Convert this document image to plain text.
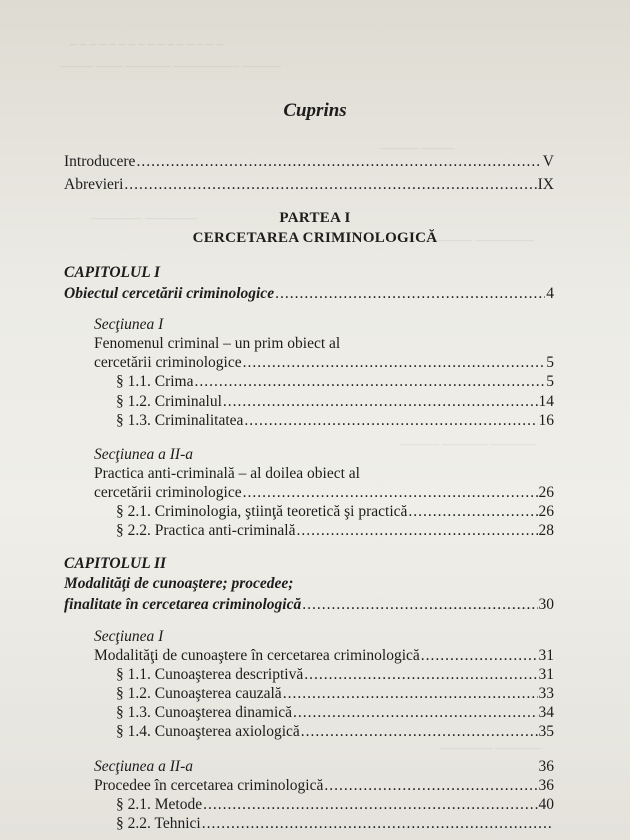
‒ ‒ ‒ ‒ ‒ ‒ ‒ ‒ ‒ ‒ ‒ ‒ ‒ ‒ ‒ ‒
‒‒‒‒‒ ‒‒‒‒ ‒‒‒‒‒‒‒ ‒‒‒‒‒‒‒‒‒‒ ‒‒‒‒‒‒
‒‒‒‒‒‒ ‒‒‒‒‒
‒‒‒‒‒‒‒‒ ‒‒‒‒‒‒‒‒
‒‒‒‒‒‒‒‒ ‒‒‒‒‒‒‒‒‒
‒‒‒‒‒‒ ‒‒‒‒‒‒‒ ‒‒‒‒‒‒‒
‒‒‒‒‒‒‒‒‒‒‒ ‒‒‒‒
‒‒‒‒‒‒‒‒ ‒‒‒‒‒‒‒
Cuprins
Introducere .....	V
Abrevieri .....	IX
PARTEA I
CERCETAREA CRIMINOLOGICĂ
CAPITOLUL I
Obiectul cercetării criminologice .....	4
Secţiunea I
Fenomenul criminal – un prim obiect al
cercetării criminologice .....	5
§ 1.1. Crima .....	5
§ 1.2. Criminalul .....	14
§ 1.3. Criminalitatea .....	16
Secţiunea a II-a
Practica anti-criminală – al doilea obiect al
cercetării criminologice .....	26
§ 2.1. Criminologia, ştiinţă teoretică şi practică .....	26
§ 2.2. Practica anti-criminală .....	28
CAPITOLUL II
Modalităţi de cunoaştere; procedee;
finalitate în cercetarea criminologică .....	30
Secţiunea I
Modalităţi de cunoaştere în cercetarea criminologică .....	31
§ 1.1. Cunoaşterea descriptivă .....	31
§ 1.2. Cunoaşterea cauzală .....	33
§ 1.3. Cunoaşterea dinamică .....	34
§ 1.4. Cunoaşterea axiologică .....	35
Secţiunea a II-a	36
Procedee în cercetarea criminologică .....	36
§ 2.1. Metode .....	40
§ 2.2. Tehnici
.....
